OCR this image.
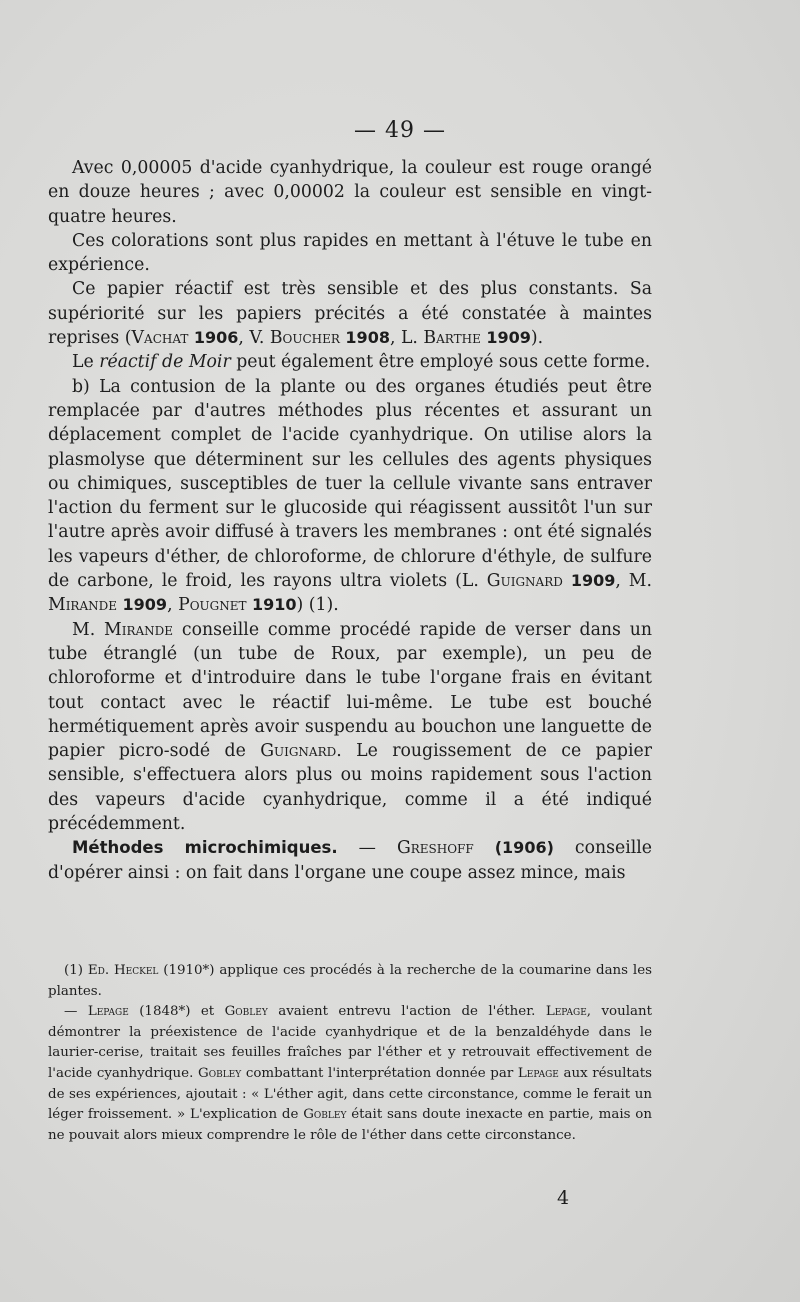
— 49 —

Avec 0,00005 d'acide cyanhydrique, la couleur est rouge orangé en douze heures ; avec 0,00002 la couleur est sensible en vingt-quatre heures.

Ces colorations sont plus rapides en mettant à l'étuve le tube en expérience.

Ce papier réactif est très sensible et des plus constants. Sa supériorité sur les papiers précités a été constatée à maintes reprises (Vachat 1906, V. Boucher 1908, L. Barthe 1909).

Le réactif de Moir peut également être employé sous cette forme.

b) La contusion de la plante ou des organes étudiés peut être remplacée par d'autres méthodes plus récentes et assurant un déplacement complet de l'acide cyanhydrique. On utilise alors la plasmolyse que déterminent sur les cellules des agents physiques ou chimiques, susceptibles de tuer la cellule vivante sans entraver l'action du ferment sur le glucoside qui réagissent aussitôt l'un sur l'autre après avoir diffusé à travers les membranes : ont été signalés les vapeurs d'éther, de chloroforme, de chlorure d'éthyle, de sulfure de carbone, le froid, les rayons ultra violets (L. Guignard 1909, M. Mirande 1909, Pougnet 1910) (1).

M. Mirande conseille comme procédé rapide de verser dans un tube étranglé (un tube de Roux, par exemple), un peu de chloroforme et d'introduire dans le tube l'organe frais en évitant tout contact avec le réactif lui-même. Le tube est bouché hermétiquement après avoir suspendu au bouchon une languette de papier picro-sodé de Guignard. Le rougissement de ce papier sensible, s'effectuera alors plus ou moins rapidement sous l'action des vapeurs d'acide cyanhydrique, comme il a été indiqué précédemment.

Méthodes microchimiques. — Greshoff (1906) conseille d'opérer ainsi : on fait dans l'organe une coupe assez mince, mais

(1) Ed. Heckel (1910*) applique ces procédés à la recherche de la coumarine dans les plantes.

— Lepage (1848*) et Gobley avaient entrevu l'action de l'éther. Lepage, voulant démontrer la préexistence de l'acide cyanhydrique et de la benzaldéhyde dans le laurier-cerise, traitait ses feuilles fraîches par l'éther et y retrouvait effectivement de l'acide cyanhydrique. Gobley combattant l'interprétation donnée par Lepage aux résultats de ses expériences, ajoutait : « L'éther agit, dans cette circonstance, comme le ferait un léger froissement. » L'explication de Gobley était sans doute inexacte en partie, mais on ne pouvait alors mieux comprendre le rôle de l'éther dans cette circonstance.

4
